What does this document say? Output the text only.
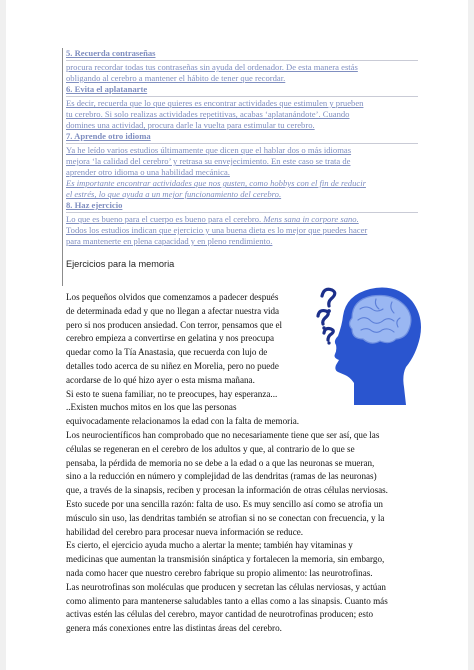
5. Recuerda contraseñas
procura recordar todas tus contraseñas sin ayuda del ordenador. De esta manera estás
obligando al cerebro a mantener el hábito de tener que recordar.
6. Evita el aplatanarte
Es decir, recuerda que lo que quieres es encontrar actividades que estimulen y prueben
tu cerebro. Si solo realizas actividades repetitivas, acabas ‘aplatanándote’. Cuando
domines una actividad, procura darle la vuelta para estimular tu cerebro.
7. Aprende otro idioma
Ya he leído varios estudios últimamente que dicen que el hablar dos o más idiomas
mejora ‘la calidad del cerebro’ y retrasa su envejecimiento. En este caso se trata de
aprender otro idioma o una habilidad mecánica.
Es importante encontrar actividades que nos gusten, como hobbys con el fin de reducir
el estrés, lo que ayuda a un mejor funcionamiento del cerebro.
8. Haz ejercicio
Lo que es bueno para el cuerpo es bueno para el cerebro. Mens sana in corpore sano.
Todos los estudios indican que ejercicio y una buena dieta es lo mejor que puedes hacer
para mantenerte en plena capacidad y en pleno rendimiento.
Ejercicios para la memoria
Los pequeños olvidos que comenzamos a padecer después
de determinada edad y que no llegan a afectar nuestra vida
pero si nos producen ansiedad. Con terror, pensamos que el
cerebro empieza a convertirse en gelatina y nos preocupa
quedar como la Tía Anastasia, que recuerda con lujo de
detalles todo acerca de su niñez en Morelia, pero no puede
acordarse de lo qué hizo ayer o esta misma mañana.
Si esto te suena familiar, no te preocupes, hay esperanza...
..Existen muchos mitos en los que las personas
equivocadamente relacionamos la edad con la falta de memoria.
Los neurocientíficos han comprobado que no necesariamente tiene que ser así, que las
células se regeneran en el cerebro de los adultos y que, al contrario de lo que se
pensaba, la pérdida de memoria no se debe a la edad o a que las neuronas se mueran,
sino a la reducción en número y complejidad de las dendritas (ramas de las neuronas)
que, a través de la sinapsis, reciben y procesan la información de otras células nerviosas.
Esto sucede por una sencilla razón: falta de uso. Es muy sencillo así como se atrofia un
músculo sin uso, las dendritas también se atrofian si no se conectan con frecuencia, y la
habilidad del cerebro para procesar nueva información se reduce.
Es cierto, el ejercicio ayuda mucho a alertar la mente; también hay vitaminas y
medicinas que aumentan la transmisión sináptica y fortalecen la memoria, sin embargo,
nada como hacer que nuestro cerebro fabrique su propio alimento: las neurotrofinas.
Las neurotrofinas son moléculas que producen y secretan las células nerviosas, y actúan
como alimento para mantenerse saludables tanto a ellas como a las sinapsis. Cuanto más
activas estén las células del cerebro, mayor cantidad de neurotrofinas producen; esto
genera más conexiones entre las distintas áreas del cerebro.
